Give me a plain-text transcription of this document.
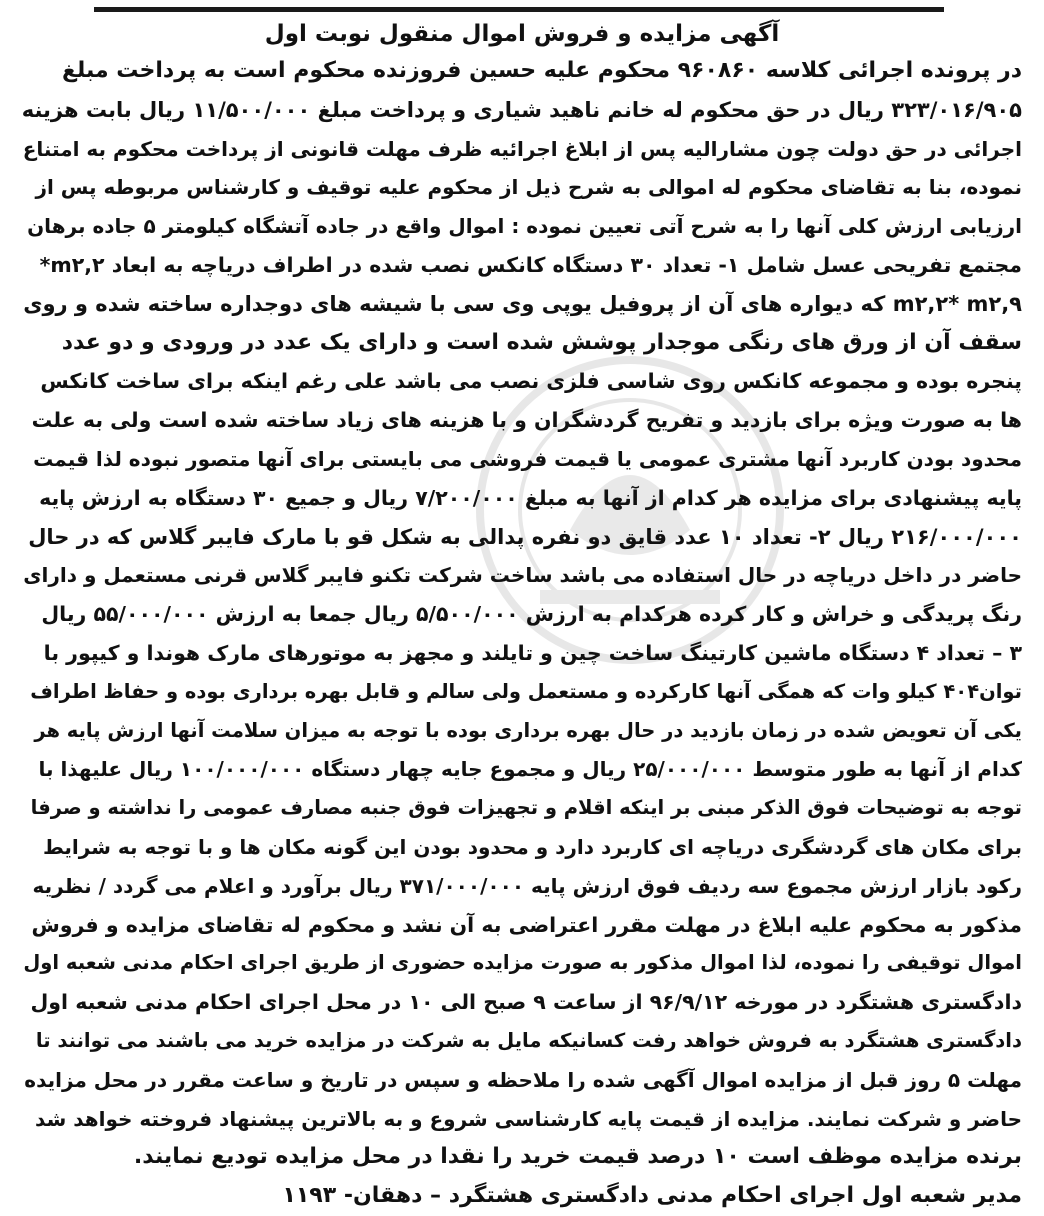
آگهی مزایده و فروش اموال منقول نوبت اول
در پرونده اجرائی کلاسه ۹۶۰۸۶۰ محکوم علیه حسین فروزنده محکوم است به پرداخت مبلغ
۳۲۳/۰۱۶/۹۰۵ ریال در حق محکوم له خانم ناهید شیاری و پرداخت مبلغ ۱۱/۵۰۰/۰۰۰ ریال بابت هزینه
اجرائی در حق دولت چون مشارالیه پس از ابلاغ اجرائیه ظرف مهلت قانونی از پرداخت محکوم به امتناع
نموده، بنا به تقاضای محکوم له اموالی به شرح ذیل از محکوم علیه توقیف و کارشناس مربوطه پس از
ارزیابی ارزش کلی آنها را به شرح آتی تعیین نموده : اموال واقع در جاده آتشگاه کیلومتر ۵ جاده برهان
مجتمع تفریحی عسل شامل ۱- تعداد ۳۰ دستگاه کانکس نصب شده در اطراف دریاچه به ابعاد m۲,۲*
m۲,۲* m۲,۹ که دیواره های آن از پروفیل یوپی وی سی با شیشه های دوجداره ساخته شده و روی
سقف آن از ورق های رنگی موجدار پوشش شده است و دارای یک عدد در ورودی و دو عدد
پنجره بوده و مجموعه کانکس روی شاسی فلزی نصب می باشد علی رغم اینکه برای ساخت کانکس
ها به صورت ویژه برای بازدید و تفریح گردشگران و با هزینه های زیاد ساخته شده است ولی به علت
محدود بودن کاربرد آنها مشتری عمومی یا قیمت فروشی می بایستی برای آنها متصور نبوده لذا قیمت
پایه پیشنهادی برای مزایده هر کدام از آنها به مبلغ ۷/۲۰۰/۰۰۰ ریال و جمیع ۳۰ دستگاه به ارزش پایه
۲۱۶/۰۰۰/۰۰۰ ریال ۲- تعداد ۱۰ عدد قایق دو نفره پدالی به شکل قو با مارک فایبر گلاس که در حال
حاضر در داخل دریاچه در حال استفاده می باشد ساخت شرکت تکنو فایبر گلاس قرنی مستعمل و دارای
رنگ پریدگی و خراش و کار کرده هرکدام به ارزش ۵/۵۰۰/۰۰۰ ریال جمعا به ارزش ۵۵/۰۰۰/۰۰۰ ریال
۳ – تعداد ۴ دستگاه ماشین کارتینگ ساخت چین و تایلند و مجهز به موتورهای مارک هوندا و کیپور با
توان۴۰۴ کیلو وات که همگی آنها کارکرده و مستعمل ولی سالم و قابل بهره برداری بوده و حفاظ اطراف
یکی آن تعویض شده در زمان بازدید در حال بهره برداری بوده با توجه به میزان سلامت آنها ارزش پایه هر
کدام از آنها به طور متوسط ۲۵/۰۰۰/۰۰۰ ریال و مجموع جایه چهار دستگاه ۱۰۰/۰۰۰/۰۰۰ ریال علیهذا با
توجه به توضیحات فوق الذکر مبنی بر اینکه اقلام و تجهیزات فوق جنبه مصارف عمومی را نداشته و صرفا
برای مکان های گردشگری دریاچه ای کاربرد دارد و محدود بودن این گونه مکان ها و با توجه به شرایط
رکود بازار ارزش مجموع سه ردیف فوق ارزش پایه ۳۷۱/۰۰۰/۰۰۰ ریال برآورد و اعلام می گردد / نظریه
مذکور به محکوم علیه ابلاغ در مهلت مقرر اعتراضی به آن نشد و محکوم له تقاضای مزایده و فروش
اموال توقیفی را نموده، لذا اموال مذکور به صورت مزایده حضوری از طریق اجرای احکام مدنی شعبه اول
دادگستری هشتگرد در مورخه ۹۶/۹/۱۲ از ساعت ۹ صبح الی ۱۰ در محل اجرای احکام مدنی شعبه اول
دادگستری هشتگرد به فروش خواهد رفت کسانیکه مایل به شرکت در مزایده خرید می باشند می توانند تا
مهلت ۵ روز قبل از مزایده اموال آگهی شده را ملاحظه و سپس در تاریخ و ساعت مقرر در محل مزایده
حاضر و شرکت نمایند. مزایده از قیمت پایه کارشناسی شروع و به بالاترین پیشنهاد فروخته خواهد شد
برنده مزایده موظف است ۱۰ درصد قیمت خرید را نقدا در محل مزایده تودیع نمایند.
مدیر شعبه اول اجرای احکام مدنی دادگستری هشتگرد – دهقان- ۱۱۹۳
